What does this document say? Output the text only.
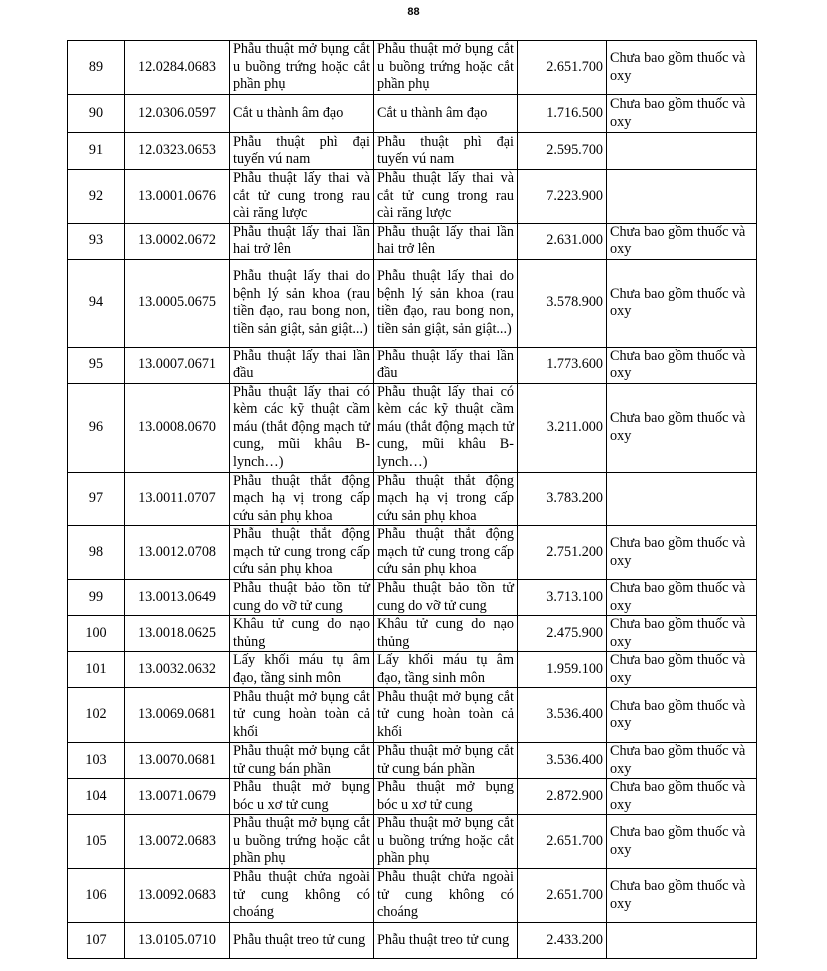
88
89	12.0284.0683	Phẫu thuật mở bụng cắt u buồng trứng hoặc cắt phần phụ	Phẫu thuật mở bụng cắt u buồng trứng hoặc cắt phần phụ	2.651.700	Chưa bao gồm thuốc và oxy
90	12.0306.0597	Cắt u thành âm đạo	Cắt u thành âm đạo	1.716.500	Chưa bao gồm thuốc và oxy
91	12.0323.0653	Phẫu thuật phì đại tuyến vú nam	Phẫu thuật phì đại tuyến vú nam	2.595.700	
92	13.0001.0676	Phẫu thuật lấy thai và cắt tử cung trong rau cài răng lược	Phẫu thuật lấy thai và cắt tử cung trong rau cài răng lược	7.223.900	
93	13.0002.0672	Phẫu thuật lấy thai lần hai trở lên	Phẫu thuật lấy thai lần hai trở lên	2.631.000	Chưa bao gồm thuốc và oxy
94	13.0005.0675	Phẫu thuật lấy thai do bệnh lý sản khoa (rau tiền đạo, rau bong non, tiền sản giật, sản giật...)	Phẫu thuật lấy thai do bệnh lý sản khoa (rau tiền đạo, rau bong non, tiền sản giật, sản giật...)	3.578.900	Chưa bao gồm thuốc và oxy
95	13.0007.0671	Phẫu thuật lấy thai lần đầu	Phẫu thuật lấy thai lần đầu	1.773.600	Chưa bao gồm thuốc và oxy
96	13.0008.0670	Phẫu thuật lấy thai có kèm các kỹ thuật cầm máu (thắt động mạch tử cung, mũi khâu B-lynch…)	Phẫu thuật lấy thai có kèm các kỹ thuật cầm máu (thắt động mạch tử cung, mũi khâu B-lynch…)	3.211.000	Chưa bao gồm thuốc và oxy
97	13.0011.0707	Phẫu thuật thắt động mạch hạ vị trong cấp cứu sản phụ khoa	Phẫu thuật thắt động mạch hạ vị trong cấp cứu sản phụ khoa	3.783.200	
98	13.0012.0708	Phẫu thuật thắt động mạch tử cung trong cấp cứu sản phụ khoa	Phẫu thuật thắt động mạch tử cung trong cấp cứu sản phụ khoa	2.751.200	Chưa bao gồm thuốc và oxy
99	13.0013.0649	Phẫu thuật bảo tồn tử cung do vỡ tử cung	Phẫu thuật bảo tồn tử cung do vỡ tử cung	3.713.100	Chưa bao gồm thuốc và oxy
100	13.0018.0625	Khâu tử cung do nạo thủng	Khâu tử cung do nạo thủng	2.475.900	Chưa bao gồm thuốc và oxy
101	13.0032.0632	Lấy khối máu tụ âm đạo, tầng sinh môn	Lấy khối máu tụ âm đạo, tầng sinh môn	1.959.100	Chưa bao gồm thuốc và oxy
102	13.0069.0681	Phẫu thuật mở bụng cắt tử cung hoàn toàn cả khối	Phẫu thuật mở bụng cắt tử cung hoàn toàn cả khối	3.536.400	Chưa bao gồm thuốc và oxy
103	13.0070.0681	Phẫu thuật mở bụng cắt tử cung bán phần	Phẫu thuật mở bụng cắt tử cung bán phần	3.536.400	Chưa bao gồm thuốc và oxy
104	13.0071.0679	Phẫu thuật mở bụng bóc u xơ tử cung	Phẫu thuật mở bụng bóc u xơ tử cung	2.872.900	Chưa bao gồm thuốc và oxy
105	13.0072.0683	Phẫu thuật mở bụng cắt u buồng trứng hoặc cắt phần phụ	Phẫu thuật mở bụng cắt u buồng trứng hoặc cắt phần phụ	2.651.700	Chưa bao gồm thuốc và oxy
106	13.0092.0683	Phẫu thuật chửa ngoài tử cung không có choáng	Phẫu thuật chửa ngoài tử cung không có choáng	2.651.700	Chưa bao gồm thuốc và oxy
107	13.0105.0710	Phẫu thuật treo tử cung	Phẫu thuật treo tử cung	2.433.200	
